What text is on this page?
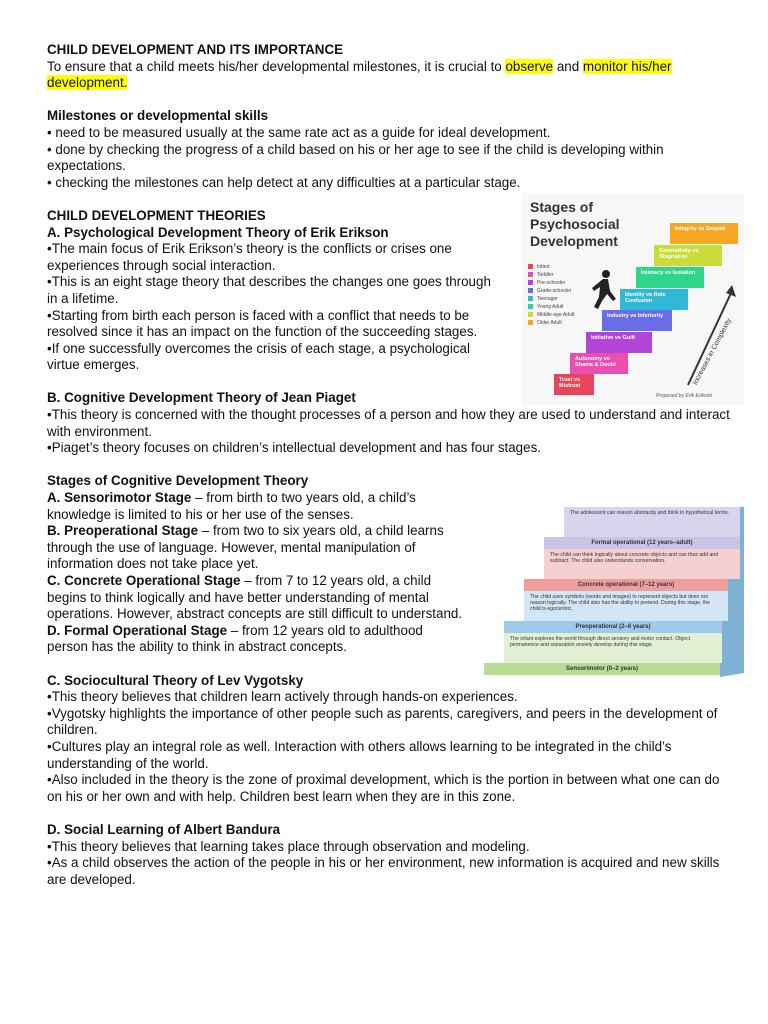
CHILD DEVELOPMENT AND ITS IMPORTANCE

To ensure that a child meets his/her developmental milestones, it is crucial to observe and monitor his/her development.

Milestones or developmental skills

• need to be measured usually at the same rate act as a guide for ideal development.

• done by checking the progress of a child based on his or her age to see if the child is developing within expectations.

• checking the milestones can help detect at any difficulties at a particular stage.

CHILD DEVELOPMENT THEORIES

A. Psychological Development Theory of Erik Erikson

•The main focus of Erik Erikson’s theory is the conflicts or crises one experiences through social interaction.

•This is an eight stage theory that describes the changes one goes through in a lifetime.

•Starting from birth each person is faced with a conflict that needs to be resolved since it has an impact on the function of the succeeding stages.

•If one successfully overcomes the crisis of each stage, a psychological virtue emerges.

B. Cognitive Development Theory of Jean Piaget

•This theory is concerned with the thought processes of a person and how they are used to understand and interact with environment.

•Piaget’s theory focuses on children’s intellectual development and has four stages.

Stages of Cognitive Development Theory

A. Sensorimotor Stage – from birth to two years old, a child’s knowledge is limited to his or her use of the senses.

B. Preoperational Stage – from two to six years old, a child learns through the use of language. However, mental manipulation of information does not take place yet.

C. Concrete Operational Stage – from 7 to 12 years old, a child begins to think logically and have better understanding of mental operations. However, abstract concepts are still difficult to understand.

D. Formal Operational Stage – from 12 years old to adulthood person has the ability to think in abstract concepts.

C. Sociocultural Theory of Lev Vygotsky

•This theory believes that children learn actively through hands-on experiences.

•Vygotsky highlights the importance of other people such as parents, caregivers, and peers in the development of children.

•Cultures play an integral role as well. Interaction with others allows learning to be integrated in the child’s understanding of the world.

•Also included in the theory is the zone of proximal development, which is the portion in between what one can do on his or her own and with help. Children best learn when they are in this zone.

D. Social Learning of Albert Bandura

•This theory believes that learning takes place through observation and modeling.

•As a child observes the action of the people in his or her environment, new information is acquired and new skills are developed.

Stages of Psychosocial Development
Infant
Toddler
Pre-schooler
Grade-schooler
Teenager
Young Adult
Middle-age Adult
Older Adult
Trust vs Mistrust
Autonomy vs Shame & Doubt
Initiative vs Guilt
Industry vs Inferiority
Identity vs Role Confusion
Intimacy vs Isolation
Generativity vs Stagnation
Integrity vs Despair
Increases in Complexity
Proposed by Erik Erikson
The adolescent can reason abstractly and think in hypothetical terms.
Formal operational (12 years–adult)
The child can think logically about concrete objects and can thus add and subtract. The child also understands conservation.
Concrete operational (7–12 years)
The child uses symbols (words and images) to represent objects but does not reason logically. The child also has the ability to pretend. During this stage, the child is egocentric.
Preoperational (2–6 years)
The infant explores the world through direct sensory and motor contact. Object permanence and separation anxiety develop during this stage.
Sensorimotor (0–2 years)
